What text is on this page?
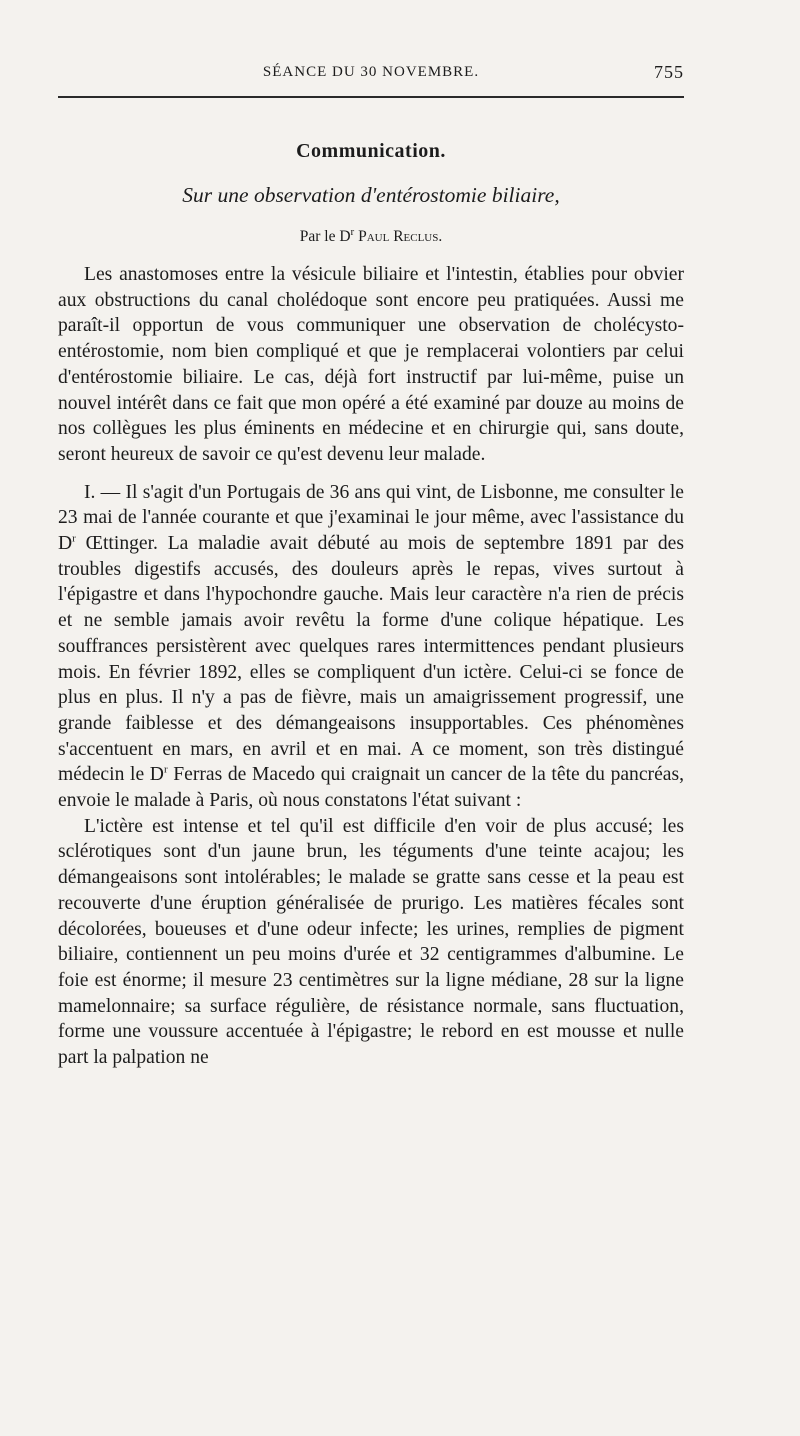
SÉANCE DU 30 NOVEMBRE.	755
Communication.
Sur une observation d'entérostomie biliaire,
Par le $D^r$ Paul Reclus.

Les anastomoses entre la vésicule biliaire et l'intestin, établies pour obvier aux obstructions du canal cholédoque sont encore peu pratiquées. Aussi me paraît-il opportun de vous communiquer une observation de cholécysto-entérostomie, nom bien compliqué et que je remplacerai volontiers par celui d'entérostomie biliaire. Le cas, déjà fort instructif par lui-même, puise un nouvel intérêt dans ce fait que mon opéré a été examiné par douze au moins de nos collègues les plus éminents en médecine et en chirurgie qui, sans doute, seront heureux de savoir ce qu'est devenu leur malade.

I. — Il s'agit d'un Portugais de 36 ans qui vint, de Lisbonne, me consulter le 23 mai de l'année courante et que j'examinai le jour même, avec l'assistance du $D^r$ Œttinger. La maladie avait débuté au mois de septembre 1891 par des troubles digestifs accusés, des douleurs après le repas, vives surtout à l'épigastre et dans l'hypochondre gauche. Mais leur caractère n'a rien de précis et ne semble jamais avoir revêtu la forme d'une colique hépatique. Les souffrances persistèrent avec quelques rares intermittences pendant plusieurs mois. En février 1892, elles se compliquent d'un ictère. Celui-ci se fonce de plus en plus. Il n'y a pas de fièvre, mais un amaigrissement progressif, une grande faiblesse et des démangeaisons insupportables. Ces phénomènes s'accentuent en mars, en avril et en mai. A ce moment, son très distingué médecin le $D^r$ Ferras de Macedo qui craignait un cancer de la tête du pancréas, envoie le malade à Paris, où nous constatons l'état suivant :

L'ictère est intense et tel qu'il est difficile d'en voir de plus accusé; les sclérotiques sont d'un jaune brun, les téguments d'une teinte acajou; les démangeaisons sont intolérables; le malade se gratte sans cesse et la peau est recouverte d'une éruption généralisée de prurigo. Les matières fécales sont décolorées, boueuses et d'une odeur infecte; les urines, remplies de pigment biliaire, contiennent un peu moins d'urée et 32 centigrammes d'albumine. Le foie est énorme; il mesure 23 centimètres sur la ligne médiane, 28 sur la ligne mamelonnaire; sa surface régulière, de résistance normale, sans fluctuation, forme une voussure accentuée à l'épigastre; le rebord en est mousse et nulle part la palpation ne
